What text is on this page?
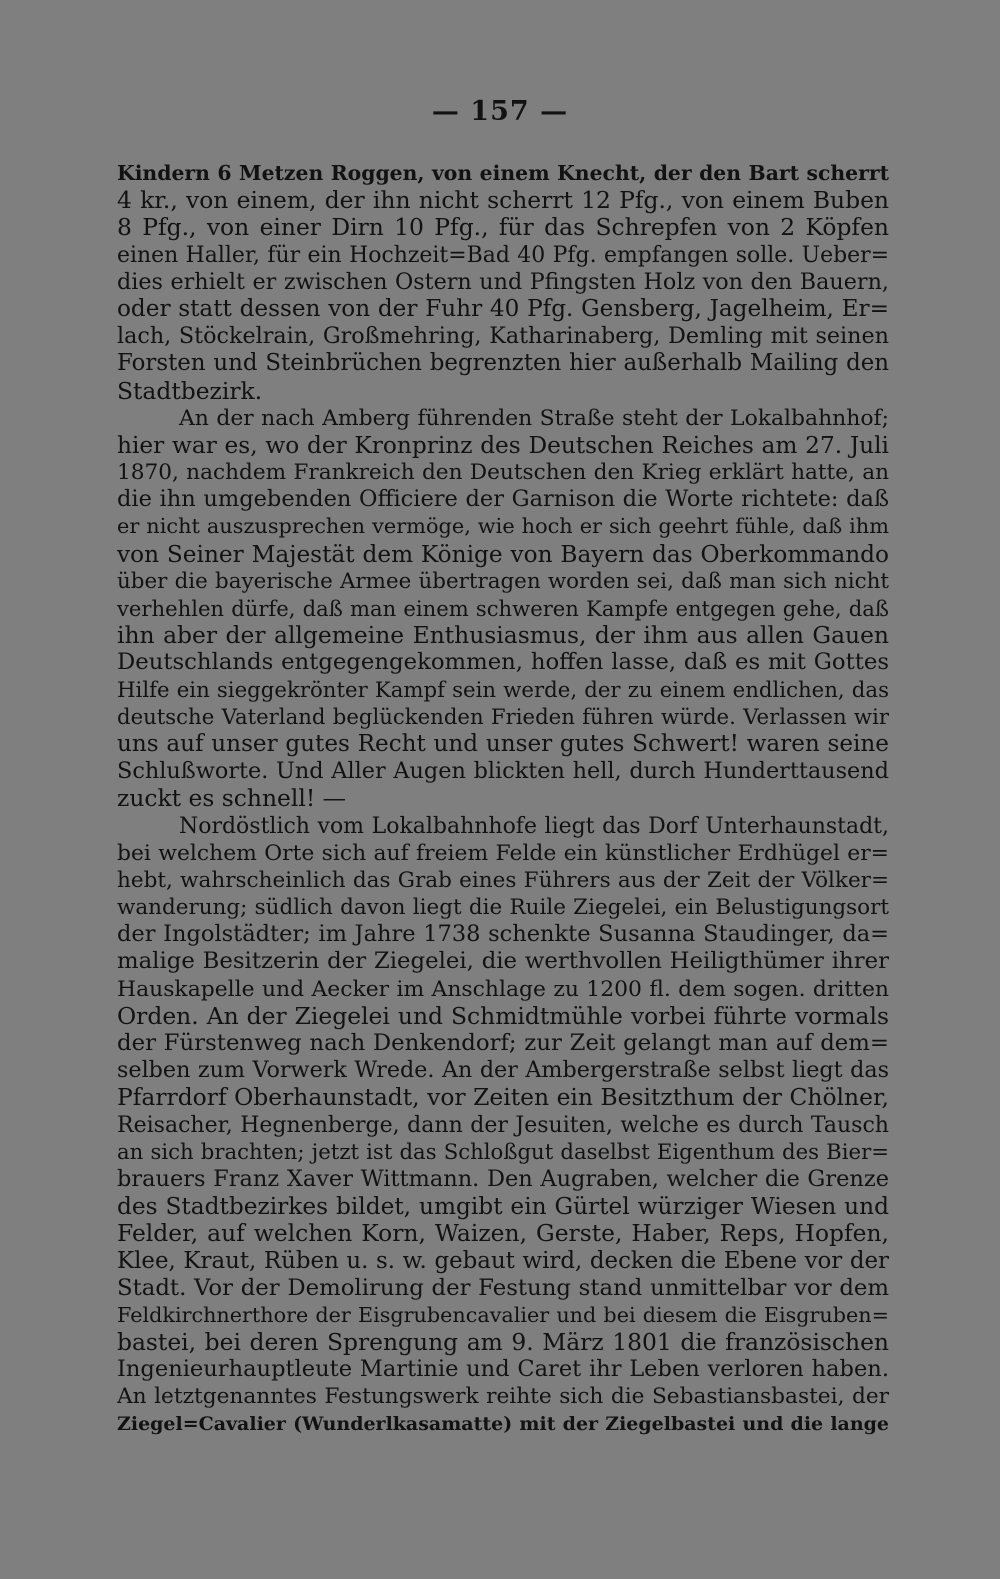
— 157 —
Kindern 6 Metzen Roggen, von einem Knecht, der den Bart scherrt
4 kr., von einem, der ihn nicht scherrt 12 Pfg., von einem Buben
8 Pfg., von einer Dirn 10 Pfg., für das Schrepfen von 2 Köpfen
einen Haller, für ein Hochzeit=Bad 40 Pfg. empfangen solle. Ueber=
dies erhielt er zwischen Ostern und Pfingsten Holz von den Bauern,
oder statt dessen von der Fuhr 40 Pfg. Gensberg, Jagelheim, Er=
lach, Stöckelrain, Großmehring, Katharinaberg, Demling mit seinen
Forsten und Steinbrüchen begrenzten hier außerhalb Mailing den
Stadtbezirk.
An der nach Amberg führenden Straße steht der Lokalbahnhof;
hier war es, wo der Kronprinz des Deutschen Reiches am 27. Juli
1870, nachdem Frankreich den Deutschen den Krieg erklärt hatte, an
die ihn umgebenden Officiere der Garnison die Worte richtete: daß
er nicht auszusprechen vermöge, wie hoch er sich geehrt fühle, daß ihm
von Seiner Majestät dem Könige von Bayern das Oberkommando
über die bayerische Armee übertragen worden sei, daß man sich nicht
verhehlen dürfe, daß man einem schweren Kampfe entgegen gehe, daß
ihn aber der allgemeine Enthusiasmus, der ihm aus allen Gauen
Deutschlands entgegengekommen, hoffen lasse, daß es mit Gottes
Hilfe ein sieggekrönter Kampf sein werde, der zu einem endlichen, das
deutsche Vaterland beglückenden Frieden führen würde. Verlassen wir
uns auf unser gutes Recht und unser gutes Schwert! waren seine
Schlußworte. Und Aller Augen blickten hell, durch Hunderttausend
zuckt es schnell! —
Nordöstlich vom Lokalbahnhofe liegt das Dorf Unterhaunstadt,
bei welchem Orte sich auf freiem Felde ein künstlicher Erdhügel er=
hebt, wahrscheinlich das Grab eines Führers aus der Zeit der Völker=
wanderung; südlich davon liegt die Ruile Ziegelei, ein Belustigungsort
der Ingolstädter; im Jahre 1738 schenkte Susanna Staudinger, da=
malige Besitzerin der Ziegelei, die werthvollen Heiligthümer ihrer
Hauskapelle und Aecker im Anschlage zu 1200 fl. dem sogen. dritten
Orden. An der Ziegelei und Schmidtmühle vorbei führte vormals
der Fürstenweg nach Denkendorf; zur Zeit gelangt man auf dem=
selben zum Vorwerk Wrede. An der Ambergerstraße selbst liegt das
Pfarrdorf Oberhaunstadt, vor Zeiten ein Besitzthum der Chölner,
Reisacher, Hegnenberge, dann der Jesuiten, welche es durch Tausch
an sich brachten; jetzt ist das Schloßgut daselbst Eigenthum des Bier=
brauers Franz Xaver Wittmann. Den Augraben, welcher die Grenze
des Stadtbezirkes bildet, umgibt ein Gürtel würziger Wiesen und
Felder, auf welchen Korn, Waizen, Gerste, Haber, Reps, Hopfen,
Klee, Kraut, Rüben u. s. w. gebaut wird, decken die Ebene vor der
Stadt. Vor der Demolirung der Festung stand unmittelbar vor dem
Feldkirchnerthore der Eisgrubencavalier und bei diesem die Eisgruben=
bastei, bei deren Sprengung am 9. März 1801 die französischen
Ingenieurhauptleute Martinie und Caret ihr Leben verloren haben.
An letztgenanntes Festungswerk reihte sich die Sebastiansbastei, der
Ziegel=Cavalier (Wunderlkasamatte) mit der Ziegelbastei und die lange
